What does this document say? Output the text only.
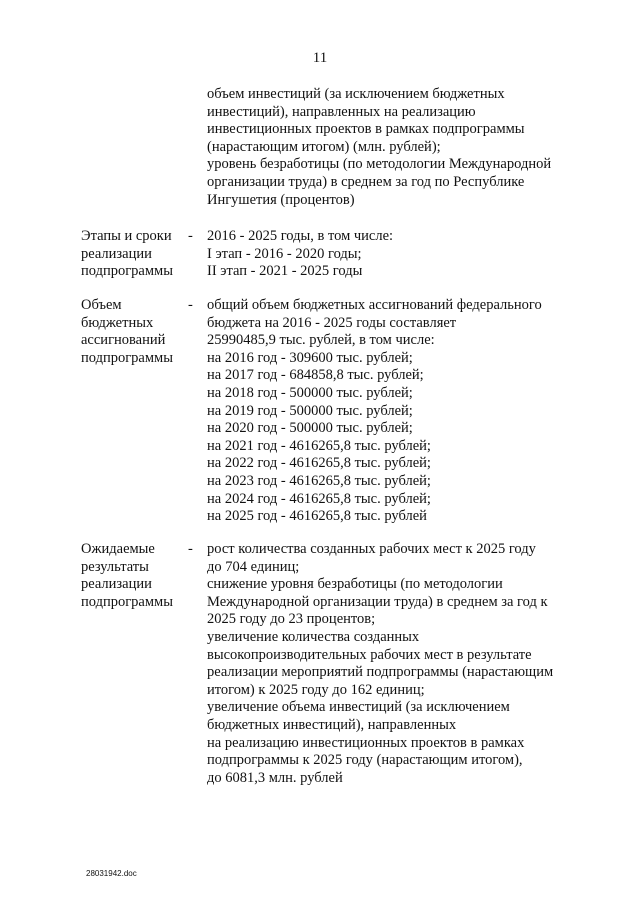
11
объем инвестиций (за исключением бюджетных
инвестиций), направленных на реализацию
инвестиционных проектов в рамках подпрограммы
(нарастающим итогом) (млн. рублей);
уровень безработицы (по методологии Международной
организации труда) в среднем за год по Республике
Ингушетия (процентов)
Этапы и сроки
реализации
подпрограммы
- 2016 - 2025 годы, в том числе:
I этап - 2016 - 2020 годы;
II этап - 2021 - 2025 годы
Объем
бюджетных
ассигнований
подпрограммы
- общий объем бюджетных ассигнований федерального
бюджета на 2016 - 2025 годы составляет
25990485,9 тыс. рублей, в том числе:
на 2016 год - 309600 тыс. рублей;
на 2017 год - 684858,8 тыс. рублей;
на 2018 год - 500000 тыс. рублей;
на 2019 год - 500000 тыс. рублей;
на 2020 год - 500000 тыс. рублей;
на 2021 год - 4616265,8 тыс. рублей;
на 2022 год - 4616265,8 тыс. рублей;
на 2023 год - 4616265,8 тыс. рублей;
на 2024 год - 4616265,8 тыс. рублей;
на 2025 год - 4616265,8 тыс. рублей
Ожидаемые
результаты
реализации
подпрограммы
- рост количества созданных рабочих мест к 2025 году
до 704 единиц;
снижение уровня безработицы (по методологии
Международной организации труда) в среднем за год к
2025 году до 23 процентов;
увеличение количества созданных
высокопроизводительных рабочих мест в результате
реализации мероприятий подпрограммы (нарастающим
итогом) к 2025 году до 162 единиц;
увеличение объема инвестиций (за исключением
бюджетных инвестиций), направленных
на реализацию инвестиционных проектов в рамках
подпрограммы к 2025 году (нарастающим итогом),
до 6081,3 млн. рублей
28031942.doc
